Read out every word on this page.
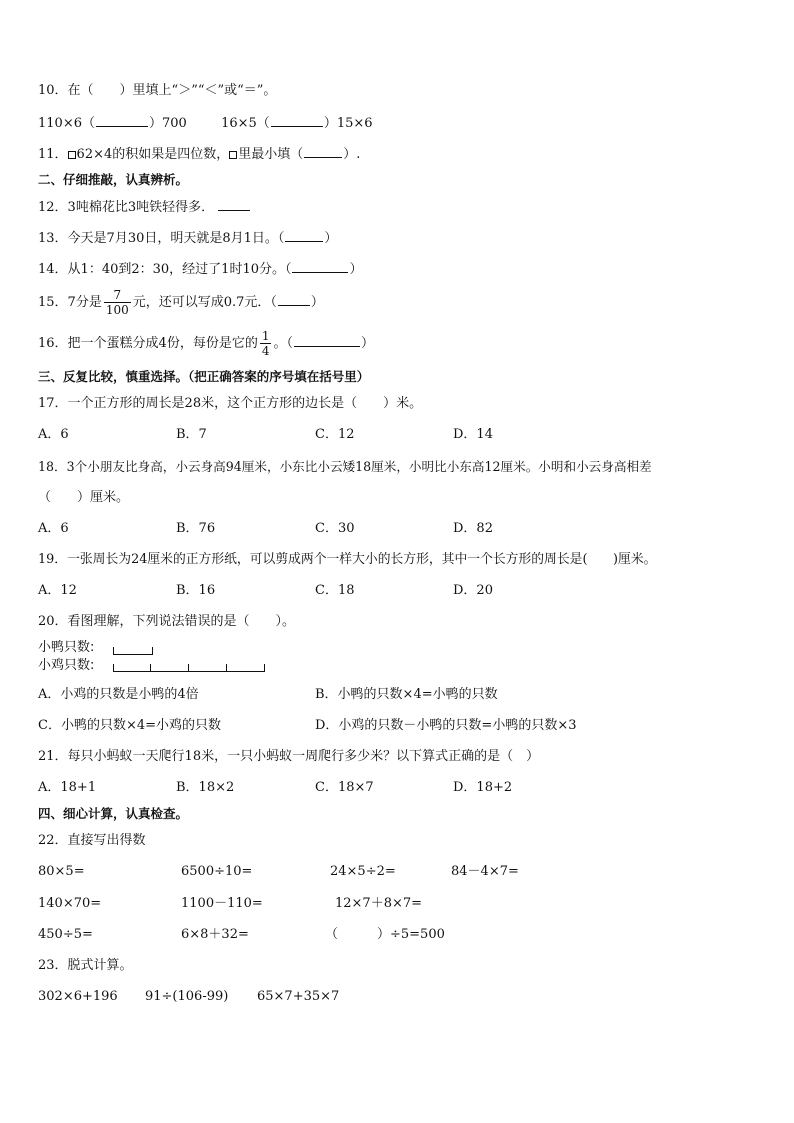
10．在（　　）里填上“＞”“＜”或“＝”。
110×6（	）700	16×5（	）15×6
11． 62×4的积如果是四位数， 里最小填（	）.
二、仔细推敲，认真辨析。
12．3吨棉花比3吨铁轻得多．
13．今天是7月30日，明天就是8月1日。（	）
14．从1：40到2：30，经过了1时10分。（	）
15．7分是 $\frac{7}{100}$ 元，还可以写成0.7元．（	）
16．把一个蛋糕分成4份，每份是它的 $\frac{1}{4}$ 。（	）
三、反复比较，慎重选择。（把正确答案的序号填在括号里）
17．一个正方形的周长是28米，这个正方形的边长是（　　）米。
A．6	B．7	C．12	D．14
18．3个小朋友比身高，小云身高94厘米，小东比小云矮18厘米，小明比小东高12厘米。小明和小云身高相差
（　　）厘米。
A．6	B．76	C．30	D．82
19．一张周长为24厘米的正方形纸，可以剪成两个一样大小的长方形，其中一个长方形的周长是(　　)厘米。
A．12	B．16	C．18	D．20
20．看图理解，下列说法错误的是（　　）。
小鸭只数:
小鸡只数:
A．小鸡的只数是小鸭的4倍	B．小鸭的只数×4=小鸭的只数
C．小鸭的只数×4=小鸡的只数	D．小鸡的只数－小鸭的只数=小鸭的只数×3
21．每只小蚂蚁一天爬行18米，一只小蚂蚁一周爬行多少米？以下算式正确的是（　）
A．18+1	B．18×2	C．18×7	D．18+2
四、细心计算，认真检查。
22．直接写出得数
80×5=	6500÷10=	24×5÷2=	84－4×7=
140×70=	1100－110=	12×7＋8×7=
450÷5=	6×8＋32=	（　　　）÷5=500
23．脱式计算。
302×6+196 91÷(106-99) 65×7+35×7
